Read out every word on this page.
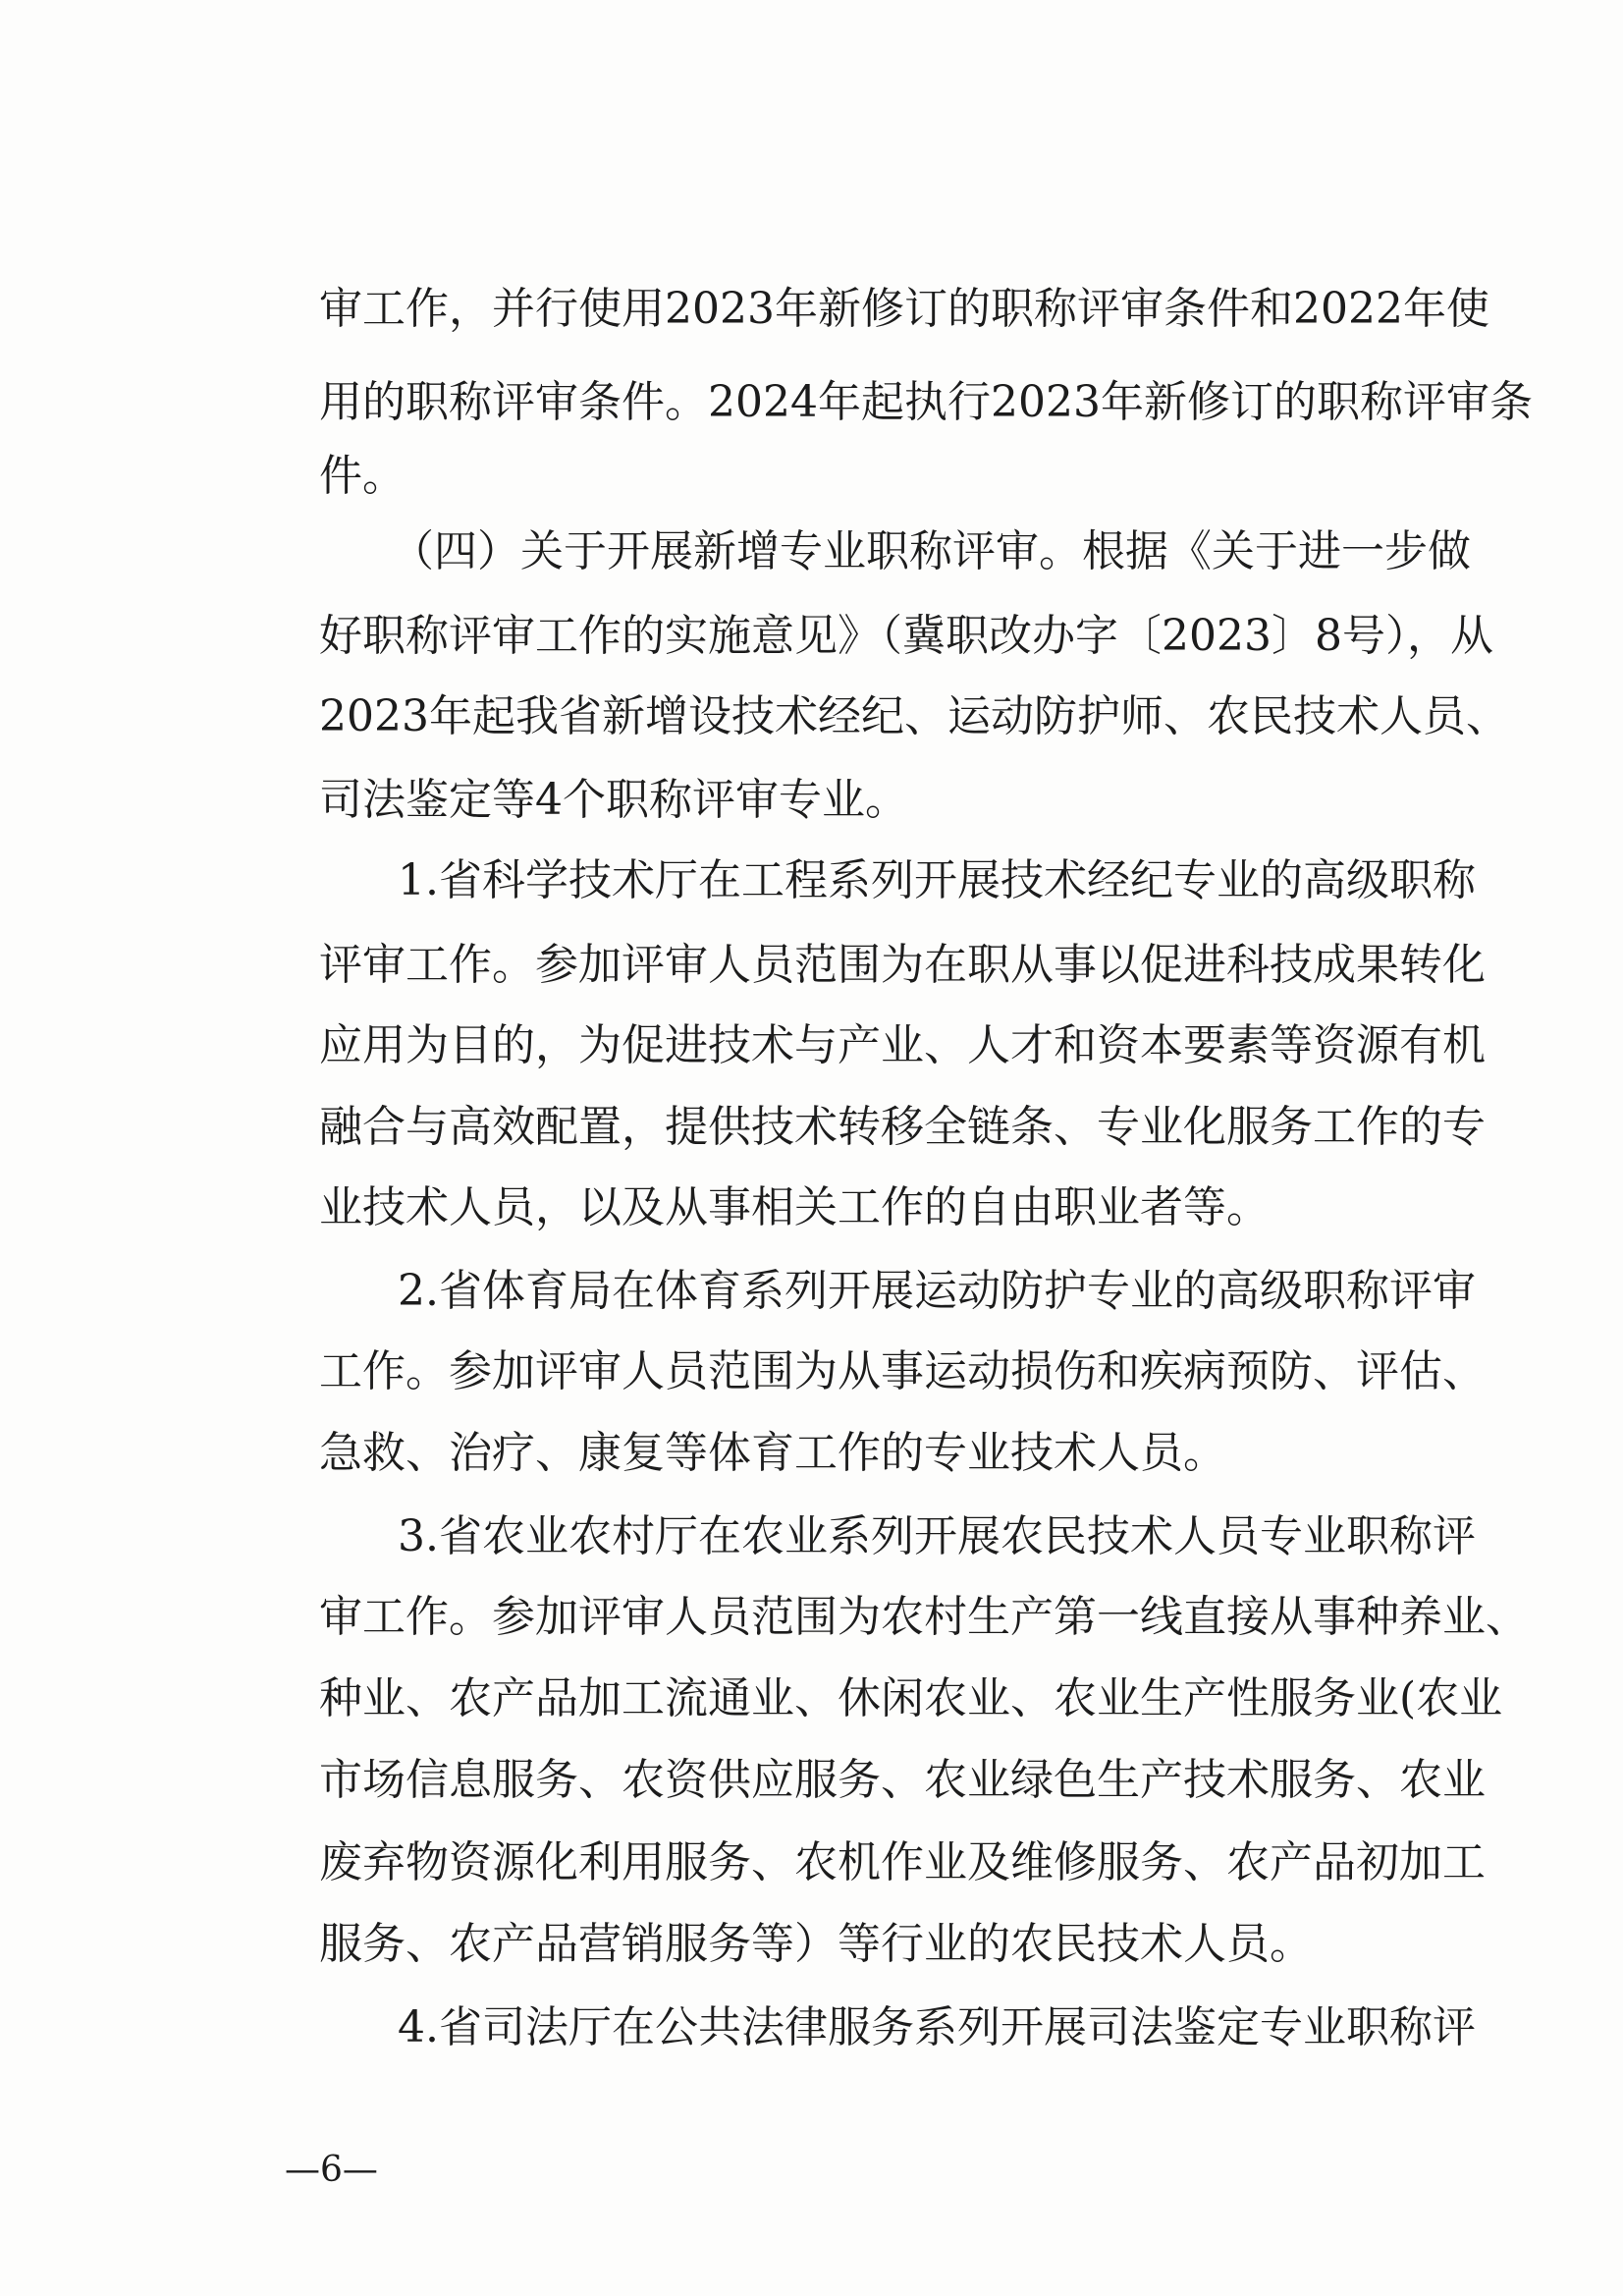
审工作，并行使用2023年新修订的职称评审条件和2022年使
用的职称评审条件。2024年起执行2023年新修订的职称评审条
件。
（四）关于开展新增专业职称评审。根据《关于进一步做
好职称评审工作的实施意见》（冀职改办字〔2023〕8号），从
2023年起我省新增设技术经纪、运动防护师、农民技术人员、
司法鉴定等4个职称评审专业。
1.省科学技术厅在工程系列开展技术经纪专业的高级职称
评审工作。参加评审人员范围为在职从事以促进科技成果转化
应用为目的，为促进技术与产业、人才和资本要素等资源有机
融合与高效配置，提供技术转移全链条、专业化服务工作的专
业技术人员，以及从事相关工作的自由职业者等。
2.省体育局在体育系列开展运动防护专业的高级职称评审
工作。参加评审人员范围为从事运动损伤和疾病预防、评估、
急救、治疗、康复等体育工作的专业技术人员。
3.省农业农村厅在农业系列开展农民技术人员专业职称评
审工作。参加评审人员范围为农村生产第一线直接从事种养业、
种业、农产品加工流通业、休闲农业、农业生产性服务业(农业
市场信息服务、农资供应服务、农业绿色生产技术服务、农业
废弃物资源化利用服务、农机作业及维修服务、农产品初加工
服务、农产品营销服务等）等行业的农民技术人员。
4.省司法厅在公共法律服务系列开展司法鉴定专业职称评
—6—
